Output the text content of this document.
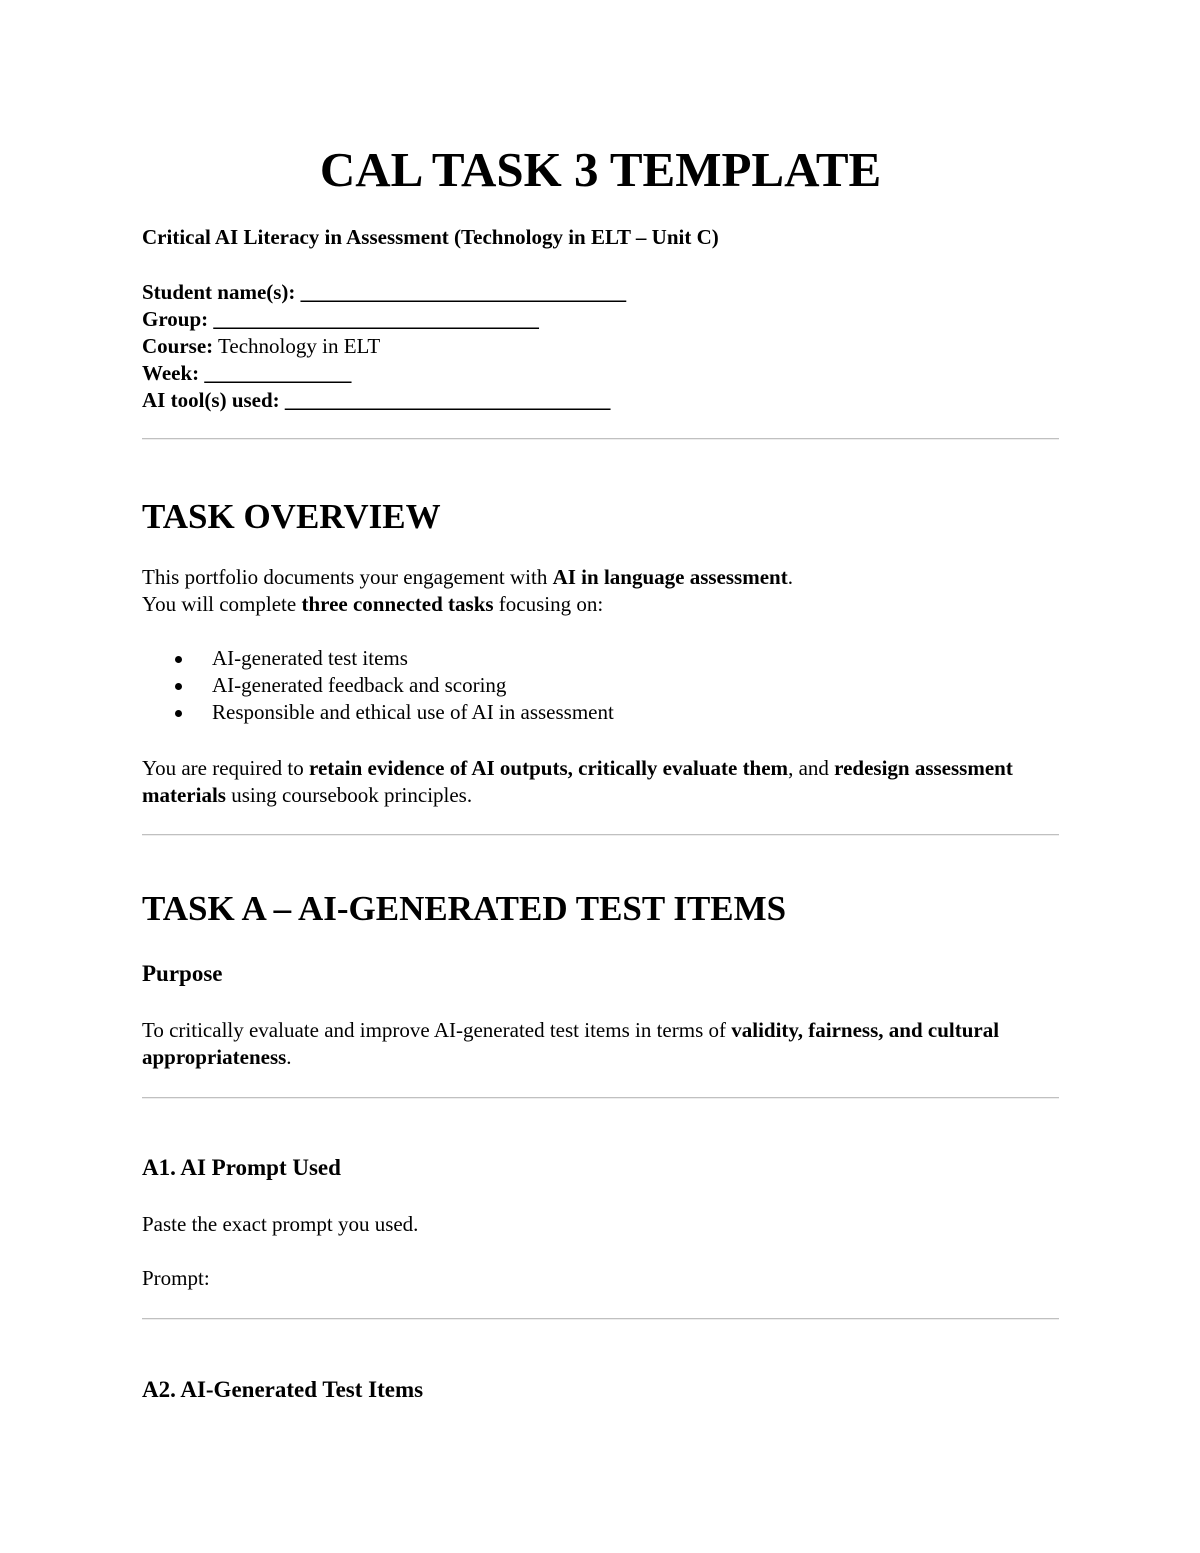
CAL TASK 3 TEMPLATE

Critical AI Literacy in Assessment (Technology in ELT – Unit C)

Student name(s): _______________________________
Group: _______________________________
Course: Technology in ELT
Week: ______________
AI tool(s) used: _______________________________
TASK OVERVIEW

This portfolio documents your engagement with AI in language assessment.
You will complete three connected tasks focusing on:

AI-generated test items
AI-generated feedback and scoring
Responsible and ethical use of AI in assessment

You are required to retain evidence of AI outputs, critically evaluate them, and redesign assessment materials using coursebook principles.

TASK A – AI-GENERATED TEST ITEMS
Purpose

To critically evaluate and improve AI-generated test items in terms of validity, fairness, and cultural appropriateness.

A1. AI Prompt Used

Paste the exact prompt you used.

Prompt:

A2. AI-Generated Test Items
